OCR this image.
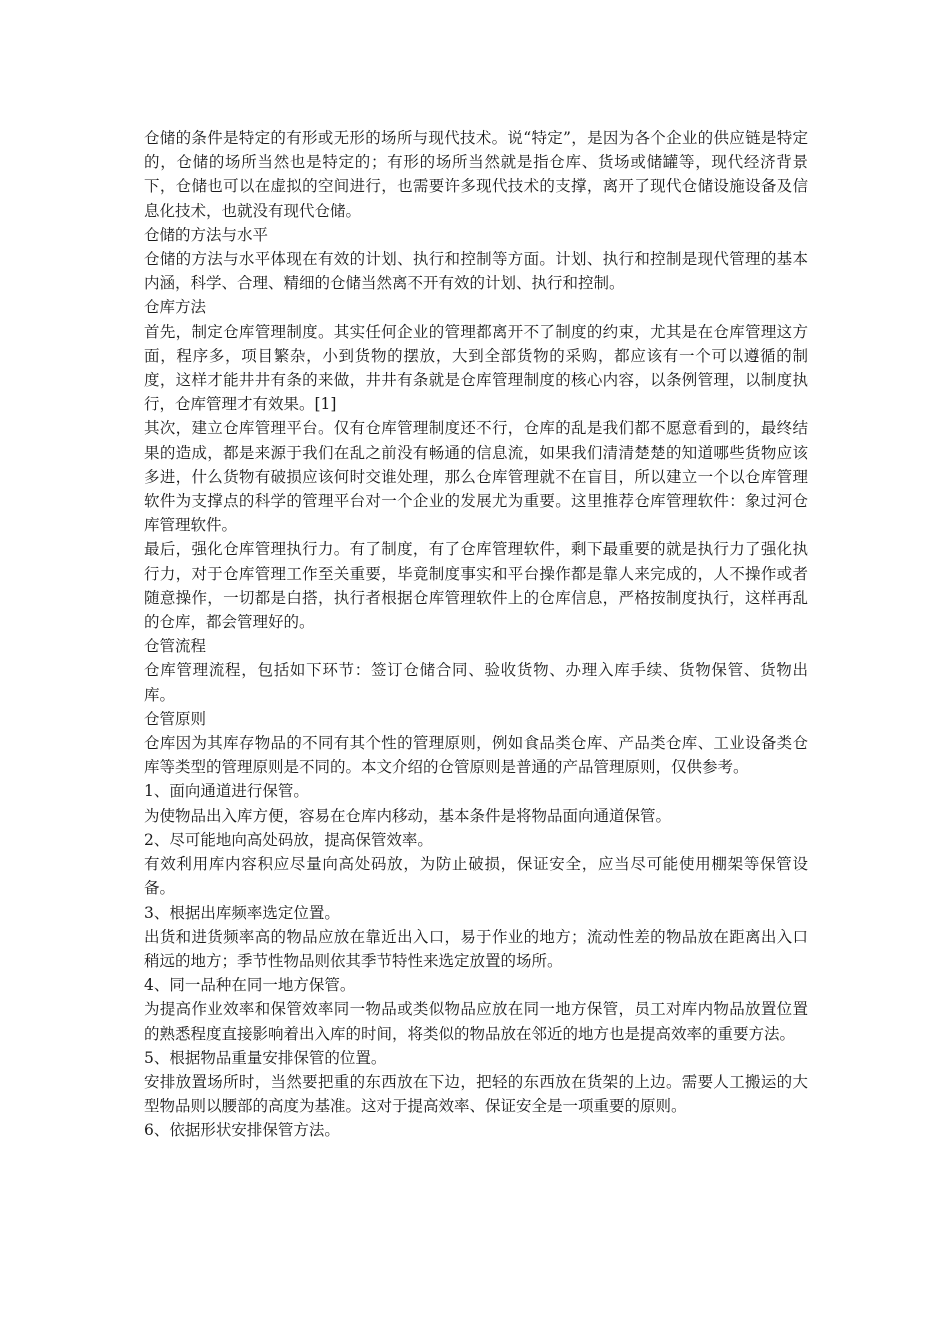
仓储的条件是特定的有形或无形的场所与现代技术。说“特定”，是因为各个企业的供应链是特定的，仓储的场所当然也是特定的；有形的场所当然就是指仓库、货场或储罐等，现代经济背景下，仓储也可以在虚拟的空间进行，也需要许多现代技术的支撑，离开了现代仓储设施设备及信息化技术，也就没有现代仓储。

仓储的方法与水平

仓储的方法与水平体现在有效的计划、执行和控制等方面。计划、执行和控制是现代管理的基本内涵，科学、合理、精细的仓储当然离不开有效的计划、执行和控制。

仓库方法

首先，制定仓库管理制度。其实任何企业的管理都离开不了制度的约束，尤其是在仓库管理这方面，程序多，项目繁杂，小到货物的摆放，大到全部货物的采购，都应该有一个可以遵循的制度，这样才能井井有条的来做，井井有条就是仓库管理制度的核心内容，以条例管理，以制度执行，仓库管理才有效果。[1]

其次，建立仓库管理平台。仅有仓库管理制度还不行，仓库的乱是我们都不愿意看到的，最终结果的造成，都是来源于我们在乱之前没有畅通的信息流，如果我们清清楚楚的知道哪些货物应该多进，什么货物有破损应该何时交谁处理，那么仓库管理就不在盲目，所以建立一个以仓库管理软件为支撑点的科学的管理平台对一个企业的发展尤为重要。这里推荐仓库管理软件：象过河仓库管理软件。

最后，强化仓库管理执行力。有了制度，有了仓库管理软件，剩下最重要的就是执行力了强化执行力，对于仓库管理工作至关重要，毕竟制度事实和平台操作都是靠人来完成的，人不操作或者随意操作，一切都是白搭，执行者根据仓库管理软件上的仓库信息，严格按制度执行，这样再乱的仓库，都会管理好的。

仓管流程

仓库管理流程，包括如下环节：签订仓储合同、验收货物、办理入库手续、货物保管、货物出库。

仓管原则

仓库因为其库存物品的不同有其个性的管理原则，例如食品类仓库、产品类仓库、工业设备类仓库等类型的管理原则是不同的。本文介绍的仓管原则是普通的产品管理原则，仅供参考。

1、面向通道进行保管。

为使物品出入库方便，容易在仓库内移动，基本条件是将物品面向通道保管。

2、尽可能地向高处码放，提高保管效率。

有效利用库内容积应尽量向高处码放，为防止破损，保证安全，应当尽可能使用棚架等保管设备。

3、根据出库频率选定位置。

出货和进货频率高的物品应放在靠近出入口，易于作业的地方；流动性差的物品放在距离出入口稍远的地方；季节性物品则依其季节特性来选定放置的场所。

4、同一品种在同一地方保管。

为提高作业效率和保管效率同一物品或类似物品应放在同一地方保管，员工对库内物品放置位置的熟悉程度直接影响着出入库的时间，将类似的物品放在邻近的地方也是提高效率的重要方法。

5、根据物品重量安排保管的位置。

安排放置场所时，当然要把重的东西放在下边，把轻的东西放在货架的上边。需要人工搬运的大型物品则以腰部的高度为基准。这对于提高效率、保证安全是一项重要的原则。

6、依据形状安排保管方法。
